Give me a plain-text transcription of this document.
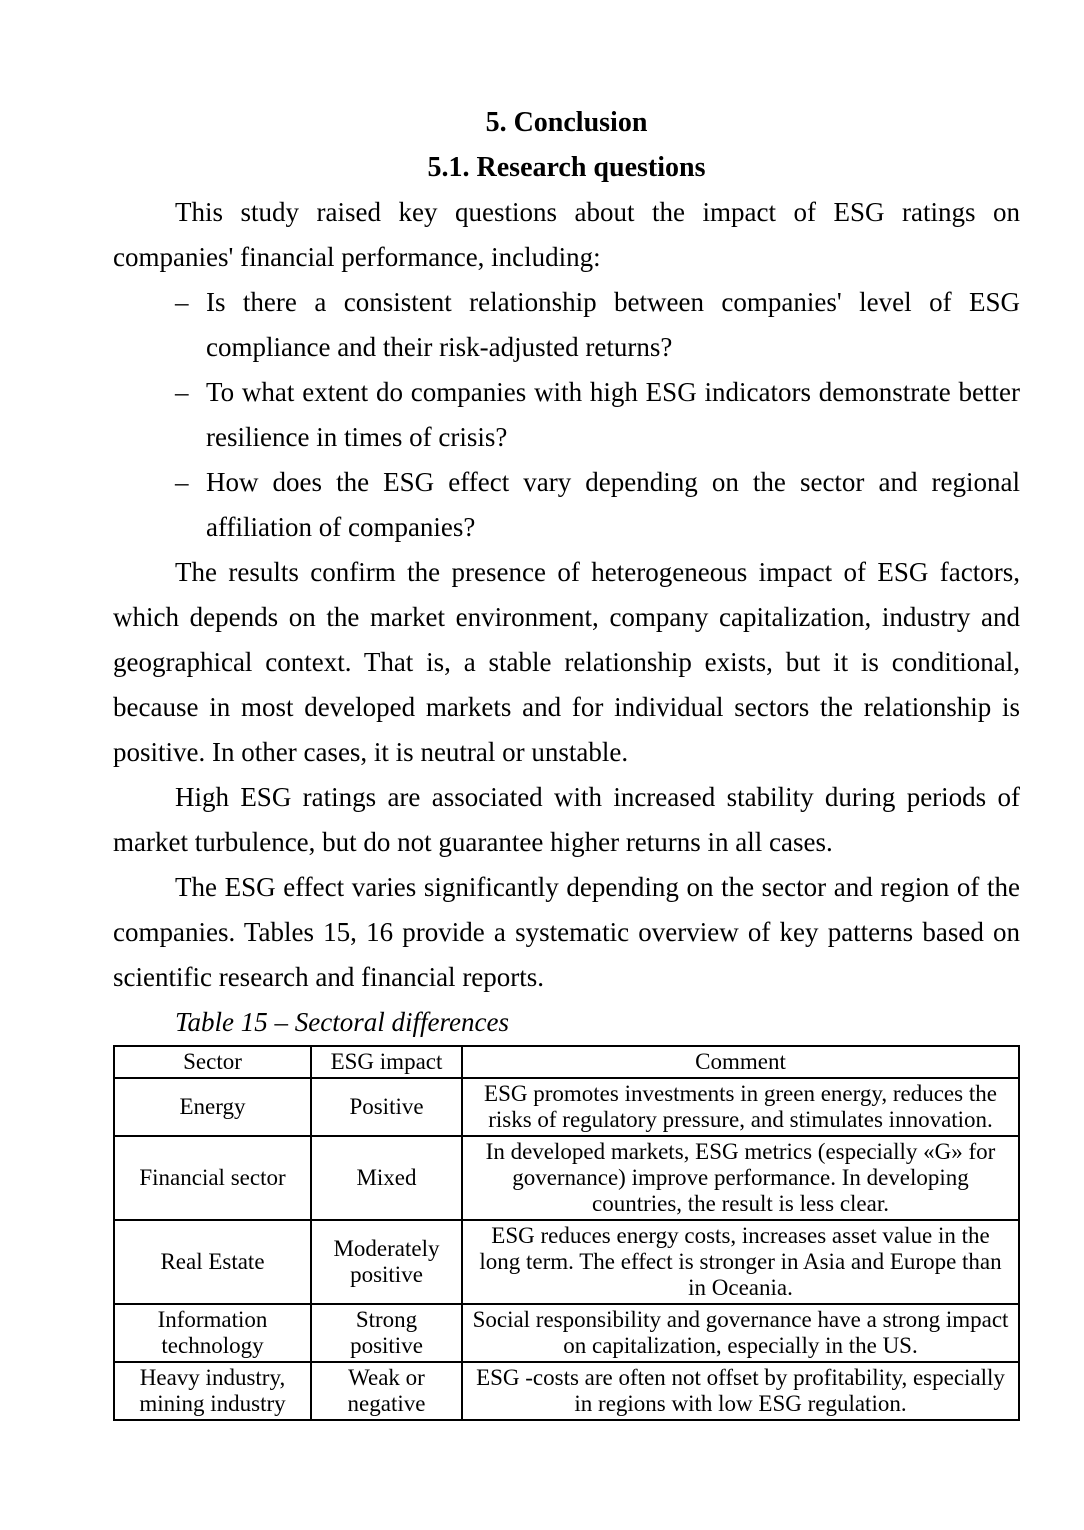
5. Conclusion
5.1. Research questions

This study raised key questions about the impact of ESG ratings on companies' financial performance, including:

– Is there a consistent relationship between companies' level of ESG compliance and their risk-adjusted returns?
– To what extent do companies with high ESG indicators demonstrate better resilience in times of crisis?
– How does the ESG effect vary depending on the sector and regional affiliation of companies?

The results confirm the presence of heterogeneous impact of ESG factors, which depends on the market environment, company capitalization, industry and geographical context. That is, a stable relationship exists, but it is conditional, because in most developed markets and for individual sectors the relationship is positive. In other cases, it is neutral or unstable.

High ESG ratings are associated with increased stability during periods of market turbulence, but do not guarantee higher returns in all cases.

The ESG effect varies significantly depending on the sector and region of the companies. Tables 15, 16 provide a systematic overview of key patterns based on scientific research and financial reports.

Table 15 – Sectoral differences

Sector	ESG impact	Comment
Energy	Positive	ESG promotes investments in green energy, reduces the risks of regulatory pressure, and stimulates innovation.
Financial sector	Mixed	In developed markets, ESG metrics (especially «G» for governance) improve performance. In developing countries, the result is less clear.
Real Estate	Moderately positive	ESG reduces energy costs, increases asset value in the long term. The effect is stronger in Asia and Europe than in Oceania.
Information technology	Strong positive	Social responsibility and governance have a strong impact on capitalization, especially in the US.
Heavy industry, mining industry	Weak or negative	ESG -costs are often not offset by profitability, especially in regions with low ESG regulation.
